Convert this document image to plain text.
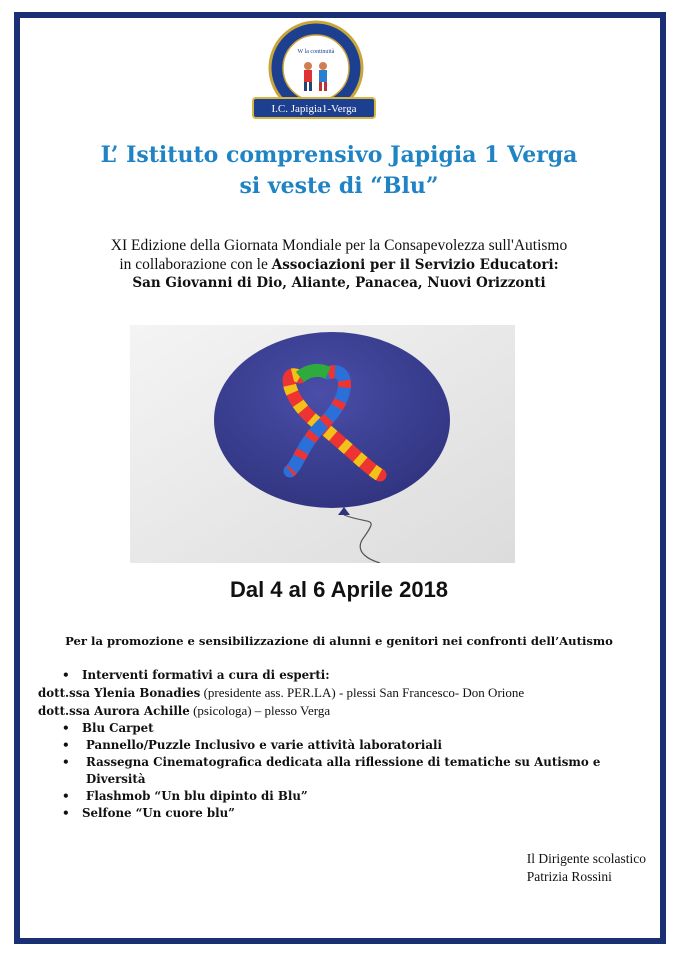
W la continuità
I.C. Japigia1-Verga
L’ Istituto comprensivo Japigia 1 Verga
si veste di “Blu”
XI Edizione della Giornata Mondiale per la Consapevolezza sull'Autismo
in collaborazione con le Associazioni per il Servizio Educatori:
San Giovanni di Dio, Aliante, Panacea, Nuovi Orizzonti
Dal 4 al 6 Aprile 2018
Per la promozione e sensibilizzazione di alunni e genitori nei confronti dell’Autismo
• Interventi formativi a cura di esperti:
dott.ssa Ylenia Bonadies (presidente ass. PER.LA) - plessi San Francesco- Don Orione
dott.ssa Aurora Achille (psicologa) – plesso Verga
• Blu Carpet
• Pannello/Puzzle Inclusivo e varie attività laboratoriali
• Rassegna Cinematografica dedicata alla riflessione di tematiche su Autismo e Diversità
• Flashmob “Un blu dipinto di Blu”
• Selfone “Un cuore blu”
Il Dirigente scolastico
Patrizia Rossini
